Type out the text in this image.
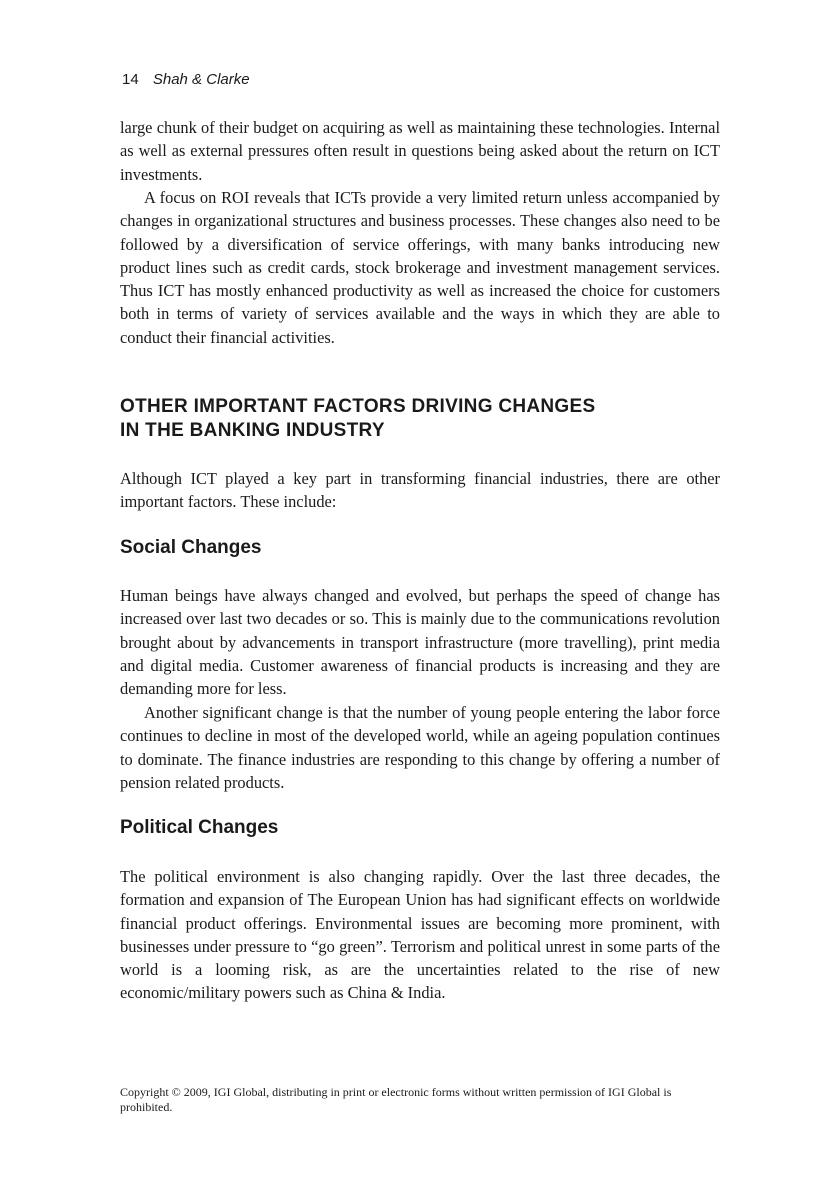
14 Shah & Clarke

large chunk of their budget on acquiring as well as maintaining these technologies. Internal as well as external pressures often result in questions being asked about the return on ICT investments.

A focus on ROI reveals that ICTs provide a very limited return unless accompanied by changes in organizational structures and business processes. These changes also need to be followed by a diversification of service offerings, with many banks introducing new product lines such as credit cards, stock brokerage and investment management services. Thus ICT has mostly enhanced productivity as well as increased the choice for customers both in terms of variety of services available and the ways in which they are able to conduct their financial activities.

OTHER IMPORTANT FACTORS DRIVING CHANGES
IN THE BANKING INDUSTRY

Although ICT played a key part in transforming financial industries, there are other important factors. These include:

Social Changes

Human beings have always changed and evolved, but perhaps the speed of change has increased over last two decades or so. This is mainly due to the communications revolution brought about by advancements in transport infrastructure (more travelling), print media and digital media. Customer awareness of financial products is increasing and they are demanding more for less.

Another significant change is that the number of young people entering the labor force continues to decline in most of the developed world, while an ageing population continues to dominate. The finance industries are responding to this change by offering a number of pension related products.

Political Changes

The political environment is also changing rapidly. Over the last three decades, the formation and expansion of The European Union has had significant effects on worldwide financial product offerings. Environmental issues are becoming more prominent, with businesses under pressure to “go green”. Terrorism and political unrest in some parts of the world is a looming risk, as are the uncertainties related to the rise of new economic/military powers such as China & India.

Copyright © 2009, IGI Global, distributing in print or electronic forms without written permission of IGI Global is prohibited.
